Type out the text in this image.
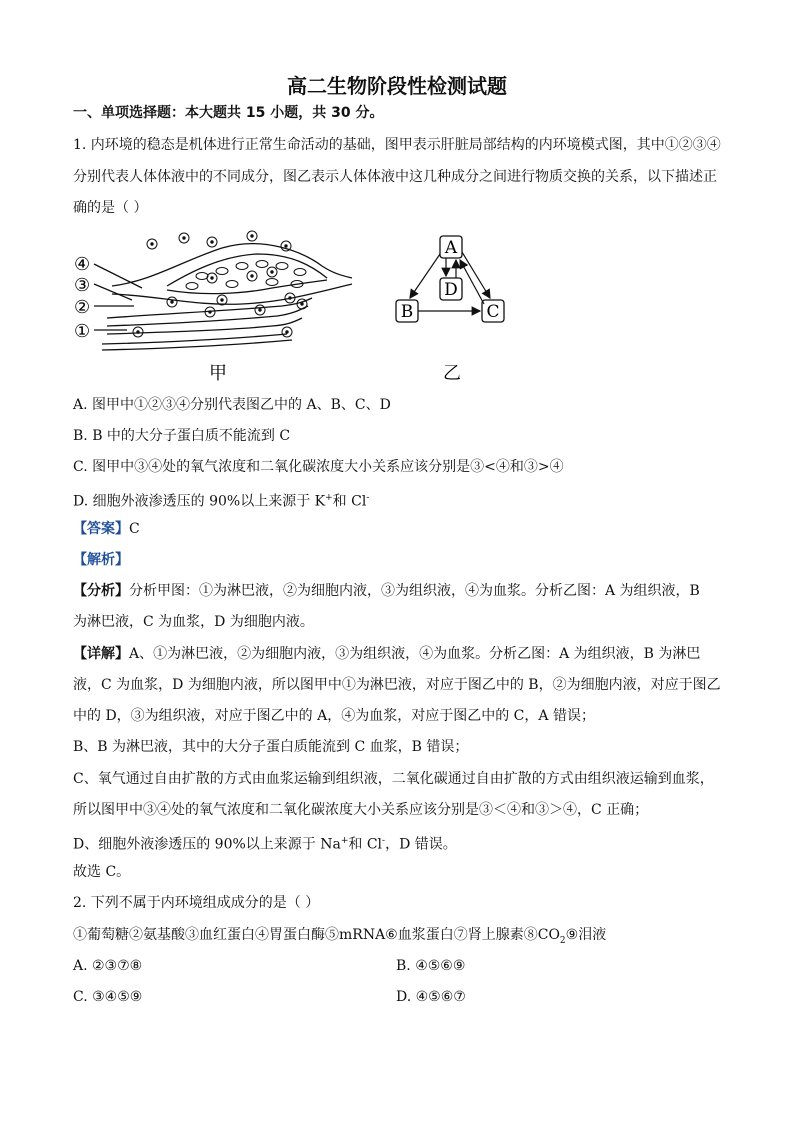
高二生物阶段性检测试题
一、单项选择题：本大题共 15 小题，共 30 分。
1. 内环境的稳态是机体进行正常生命活动的基础，图甲表示肝脏局部结构的内环境模式图，其中①②③④
分别代表人体体液中的不同成分，图乙表示人体体液中这几种成分之间进行物质交换的关系，以下描述正
确的是（ ）
④
③
②
①
甲
A
D
B	C
乙
A. 图甲中①②③④分别代表图乙中的 A、B、C、D
B. B 中的大分子蛋白质不能流到 C
C. 图甲中③④处的氧气浓度和二氧化碳浓度大小关系应该分别是③<④和③>④
D. 细胞外液渗透压的 90%以上来源于 K+和 Cl-
【答案】C
【解析】
【分析】分析甲图：①为淋巴液，②为细胞内液，③为组织液，④为血浆。分析乙图：A 为组织液，B
为淋巴液，C 为血浆，D 为细胞内液。
【详解】A、①为淋巴液，②为细胞内液，③为组织液，④为血浆。分析乙图：A 为组织液，B 为淋巴
液，C 为血浆，D 为细胞内液，所以图甲中①为淋巴液，对应于图乙中的 B，②为细胞内液，对应于图乙
中的 D，③为组织液，对应于图乙中的 A，④为血浆，对应于图乙中的 C，A 错误；
B、B 为淋巴液，其中的大分子蛋白质能流到 C 血浆，B 错误；
C、氧气通过自由扩散的方式由血浆运输到组织液，二氧化碳通过自由扩散的方式由组织液运输到血浆，
所以图甲中③④处的氧气浓度和二氧化碳浓度大小关系应该分别是③＜④和③＞④，C 正确；
D、细胞外液渗透压的 90%以上来源于 Na+和 Cl-，D 错误。
故选 C。
2. 下列不属于内环境组成成分的是（ ）
①葡萄糖②氨基酸③血红蛋白④胃蛋白酶⑤mRNA⑥血浆蛋白⑦肾上腺素$⑧CO_2⑨$泪液
A. ②③⑦⑧	B. ④⑤⑥⑨
C. ③④⑤⑨	D. ④⑤⑥⑦
